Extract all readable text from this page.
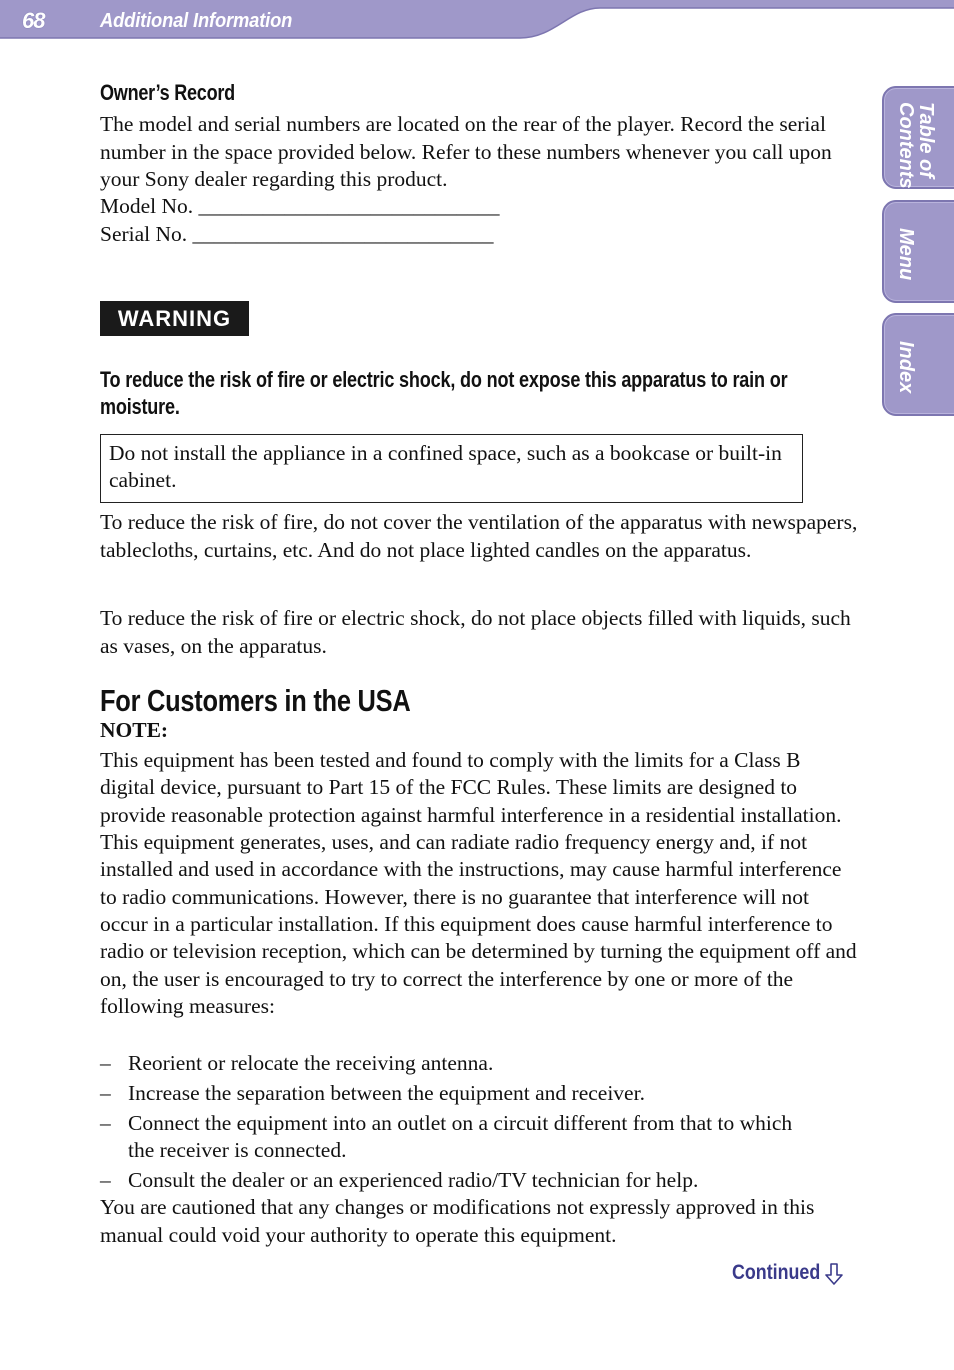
68	Additional Information
Table of
Contents
Menu
Index
Owner’s Record
The model and serial numbers are located on the rear of the player. Record the serial number in the space provided below. Refer to these numbers whenever you call upon your Sony dealer regarding this product.
Model No. ____________________________
Serial No. ____________________________
WARNING
To reduce the risk of fire or electric shock, do not expose this apparatus to rain or moisture.
Do not install the appliance in a confined space, such as a bookcase or built-in cabinet.
To reduce the risk of fire, do not cover the ventilation of the apparatus with newspapers, tablecloths, curtains, etc. And do not place lighted candles on the apparatus.
To reduce the risk of fire or electric shock, do not place objects filled with liquids, such as vases, on the apparatus.
For Customers in the USA
NOTE:
This equipment has been tested and found to comply with the limits for a Class B digital device, pursuant to Part 15 of the FCC Rules. These limits are designed to provide reasonable protection against harmful interference in a residential installation. This equipment generates, uses, and can radiate radio frequency energy and, if not installed and used in accordance with the instructions, may cause harmful interference to radio communications. However, there is no guarantee that interference will not occur in a particular installation. If this equipment does cause harmful interference to radio or television reception, which can be determined by turning the equipment off and on, the user is encouraged to try to correct the interference by one or more of the following measures:
– Reorient or relocate the receiving antenna.
– Increase the separation between the equipment and receiver.
– Connect the equipment into an outlet on a circuit different from that to which the receiver is connected.
– Consult the dealer or an experienced radio/TV technician for help.
You are cautioned that any changes or modifications not expressly approved in this manual could void your authority to operate this equipment.
Continued
